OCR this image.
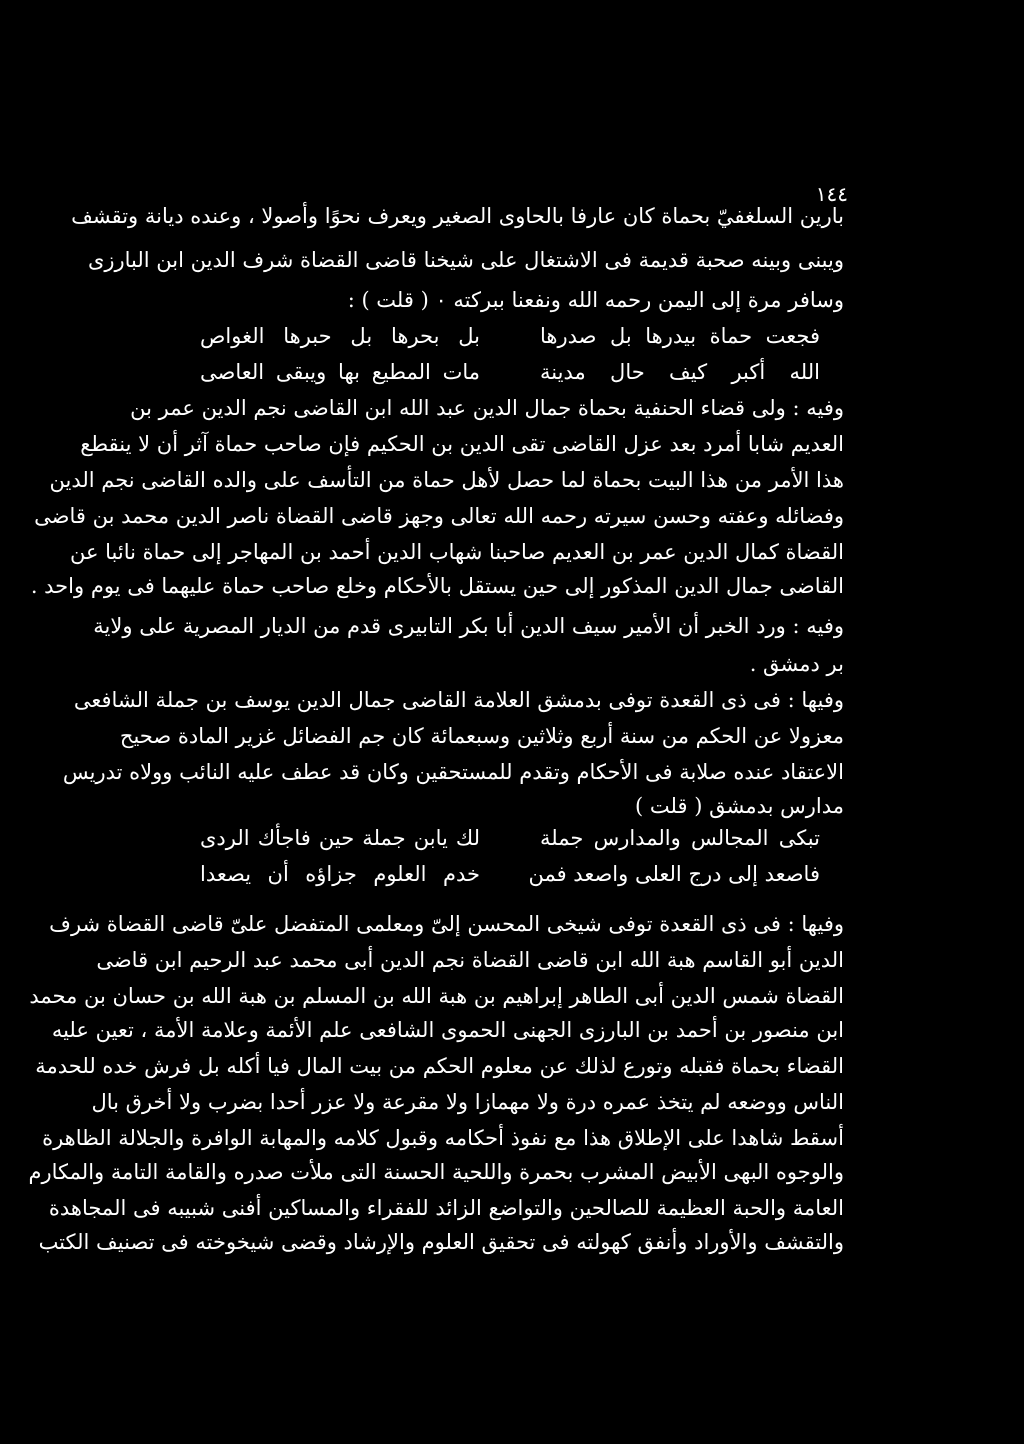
١٤٤
بارين السلغفيّ بحماة كان عارفا بالحاوى الصغير ويعرف نحوًا وأصولا ، وعنده ديانة وتقشف
ويبنى وبينه صحبة قديمة فى الاشتغال على شيخنا قاضى القضاة شرف الدين ابن البارزى
وسافر مرة إلى اليمن رحمه الله ونفعنا ببركته ٠ ( قلت ) :
فجعت حماة بيدرها بل صدرها
بل بحرها بل حبرها الغواص
الله أكبر كيف حال مدينة
مات المطيع بها ويبقى العاصى
وفيه : ولى قضاء الحنفية بحماة جمال الدين عبد الله ابن القاضى نجم الدين عمر بن
العديم شابا أمرد بعد عزل القاضى تقى الدين بن الحكيم فإن صاحب حماة آثر أن لا ينقطع
هذا الأمر من هذا البيت بحماة لما حصل لأهل حماة من التأسف على والده القاضى نجم الدين
وفضائله وعفته وحسن سيرته رحمه الله تعالى وجهز قاضى القضاة ناصر الدين محمد بن قاضى
القضاة كمال الدين عمر بن العديم صاحبنا شهاب الدين أحمد بن المهاجر إلى حماة نائبا عن
القاضى جمال الدين المذكور إلى حين يستقل بالأحكام وخلع صاحب حماة عليهما فى يوم واحد .
وفيه : ورد الخبر أن الأمير سيف الدين أبا بكر التابيرى قدم من الديار المصرية على ولاية
بر دمشق .
وفيها : فى ذى القعدة توفى بدمشق العلامة القاضى جمال الدين يوسف بن جملة الشافعى
معزولا عن الحكم من سنة أربع وثلاثين وسبعمائة كان جم الفضائل غزير المادة صحيح
الاعتقاد عنده صلابة فى الأحكام وتقدم للمستحقين وكان قد عطف عليه النائب وولاه تدريس
مدارس بدمشق ( قلت )
تبكى المجالس والمدارس جملة
لك يابن جملة حين فاجأك الردى
فاصعد إلى درج العلى واصعد فمن
خدم العلوم جزاؤه أن يصعدا
وفيها : فى ذى القعدة توفى شيخى المحسن إلىّ ومعلمى المتفضل علىّ قاضى القضاة شرف
الدين أبو القاسم هبة الله ابن قاضى القضاة نجم الدين أبى محمد عبد الرحيم ابن قاضى
القضاة شمس الدين أبى الطاهر إبراهيم بن هبة الله بن المسلم بن هبة الله بن حسان بن محمد
ابن منصور بن أحمد بن البارزى الجهنى الحموى الشافعى علم الأئمة وعلامة الأمة ، تعين عليه
القضاء بحماة فقبله وتورع لذلك عن معلوم الحكم من بيت المال فيا أكله بل فرش خده للحدمة
الناس ووضعه لم يتخذ عمره درة ولا مهمازا ولا مقرعة ولا عزر أحدا بضرب ولا أخرق بال
أسقط شاهدا على الإطلاق هذا مع نفوذ أحكامه وقبول كلامه والمهابة الوافرة والجلالة الظاهرة
والوجوه البهى الأبيض المشرب بحمرة واللحية الحسنة التى ملأت صدره والقامة التامة والمكارم
العامة والحبة العظيمة للصالحين والتواضع الزائد للفقراء والمساكين أفنى شبيبه فى المجاهدة
والتقشف والأوراد وأنفق كهولته فى تحقيق العلوم والإرشاد وقضى شيخوخته فى تصنيف الكتب
